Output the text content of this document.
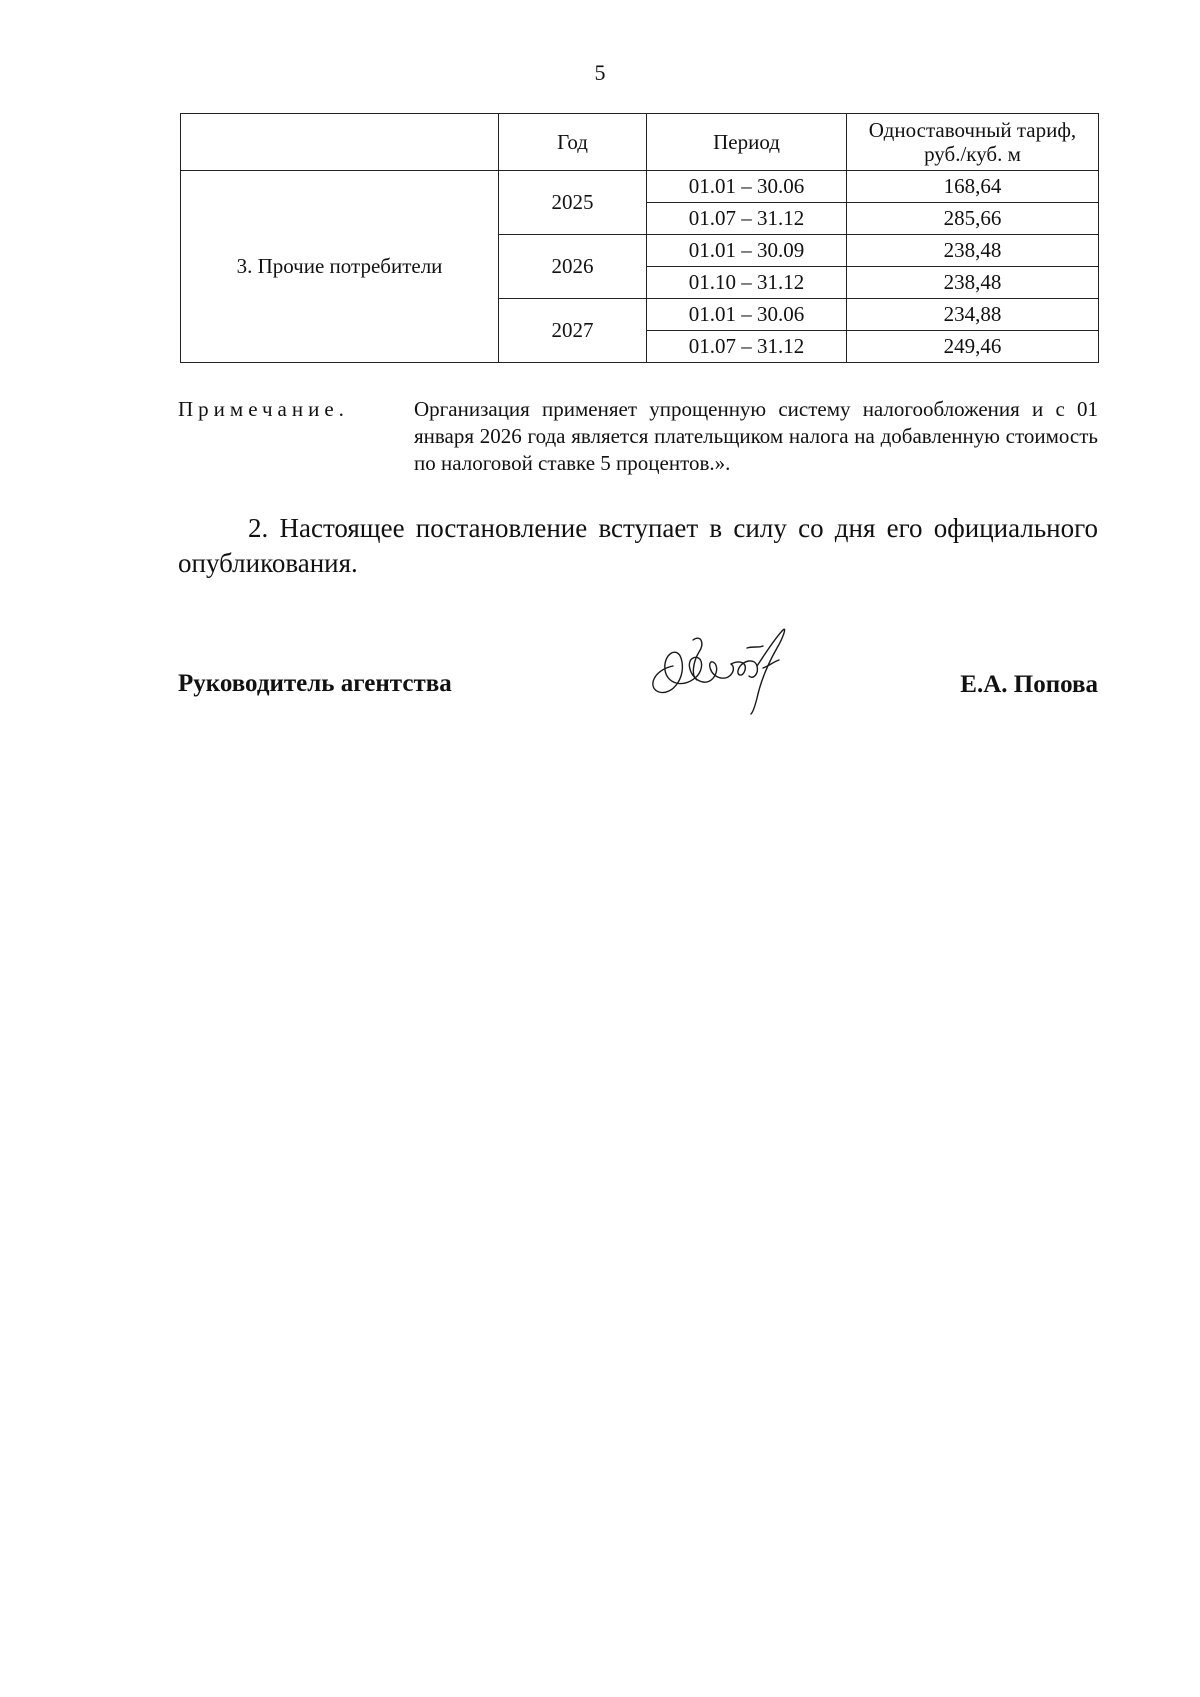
5
	Год	Период	Одноставочный тариф, руб./куб. м
3. Прочие потребители	2025	01.01 – 30.06	168,64
		01.07 – 31.12	285,66
	2026	01.01 – 30.09	238,48
		01.10 – 31.12	238,48
	2027	01.01 – 30.06	234,88
		01.07 – 31.12	249,46
Примечание.	Организация применяет упрощенную систему налогообложения и с 01 января 2026 года является плательщиком налога на добавленную стоимость по налоговой ставке 5 процентов.».
2. Настоящее постановление вступает в силу со дня его официального опубликования.
Руководитель агентства	Е.А. Попова
